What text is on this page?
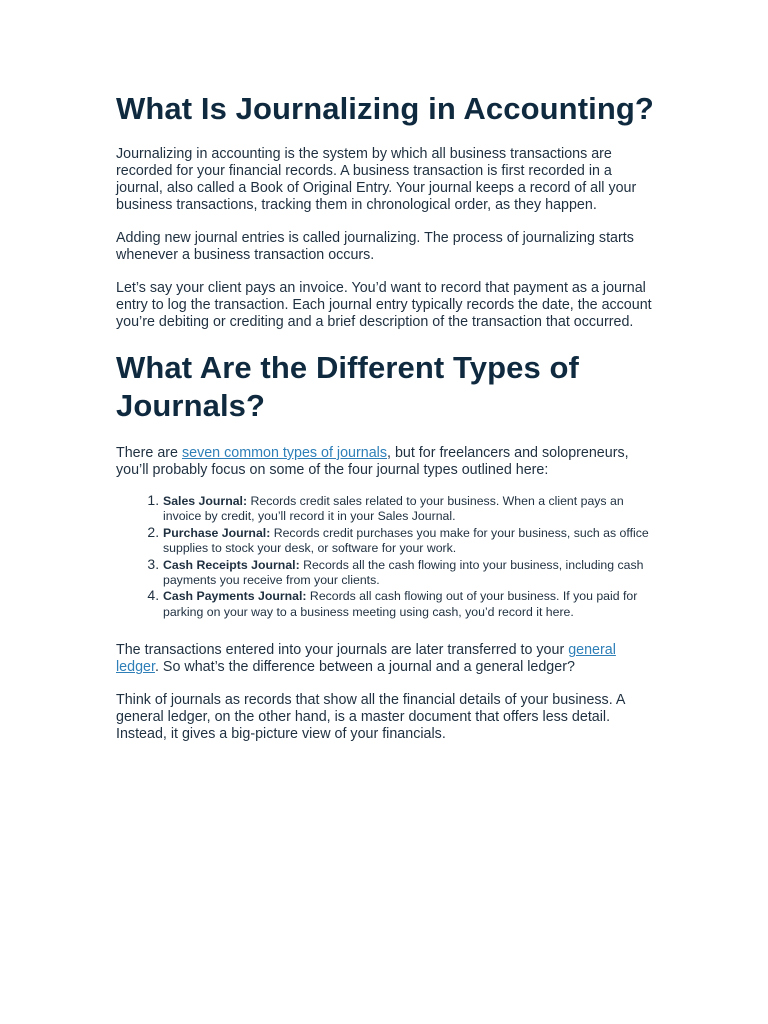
What Is Journalizing in Accounting?

Journalizing in accounting is the system by which all business transactions are recorded for your financial records. A business transaction is first recorded in a journal, also called a Book of Original Entry. Your journal keeps a record of all your business transactions, tracking them in chronological order, as they happen.

Adding new journal entries is called journalizing. The process of journalizing starts whenever a business transaction occurs.

Let’s say your client pays an invoice. You’d want to record that payment as a journal entry to log the transaction. Each journal entry typically records the date, the account you’re debiting or crediting and a brief description of the transaction that occurred.

What Are the Different Types of Journals?

There are seven common types of journals, but for freelancers and solopreneurs, you’ll probably focus on some of the four journal types outlined here:

1. Sales Journal: Records credit sales related to your business. When a client pays an invoice by credit, you’ll record it in your Sales Journal.
2. Purchase Journal: Records credit purchases you make for your business, such as office supplies to stock your desk, or software for your work.
3. Cash Receipts Journal: Records all the cash flowing into your business, including cash payments you receive from your clients.
4. Cash Payments Journal: Records all cash flowing out of your business. If you paid for parking on your way to a business meeting using cash, you’d record it here.

The transactions entered into your journals are later transferred to your general ledger. So what’s the difference between a journal and a general ledger?

Think of journals as records that show all the financial details of your business. A general ledger, on the other hand, is a master document that offers less detail. Instead, it gives a big-picture view of your financials.
